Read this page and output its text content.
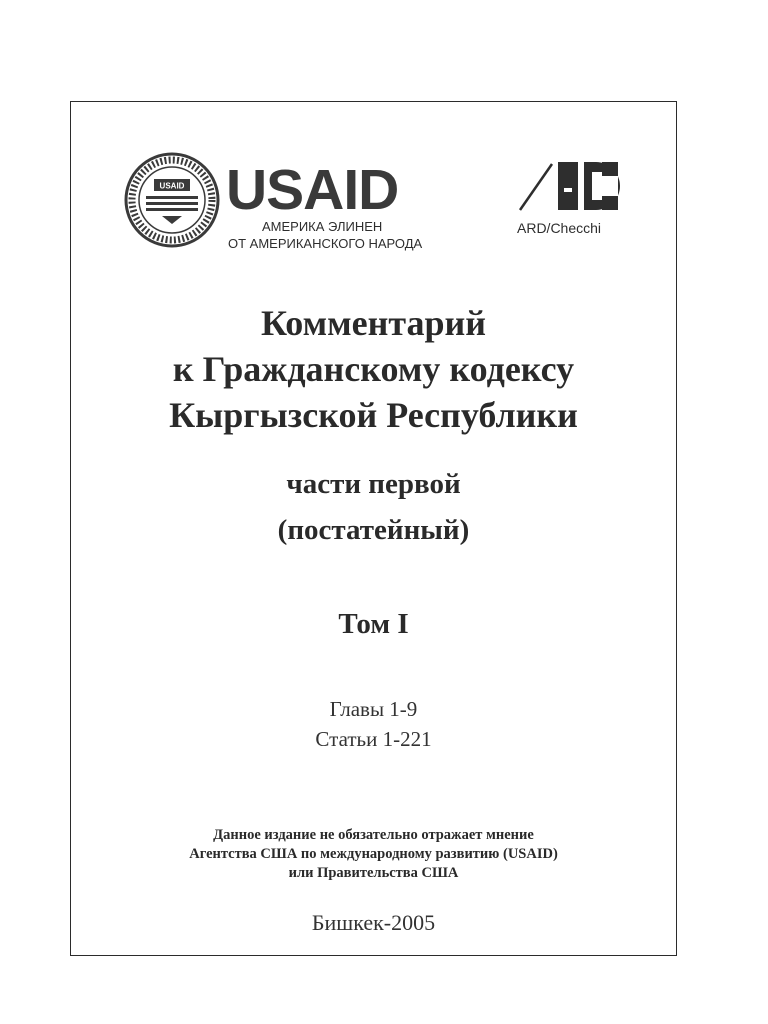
USAID USAID
АМЕРИКА ЭЛИНЕН
ОТ АМЕРИКАНСКОГО НАРОДА
ARD/Checchi
Комментарий
к Гражданскому кодексу
Кыргызской Республики
части первой
(постатейный)
Том I
Главы 1-9
Статьи 1-221
Данное издание не обязательно отражает мнение
Агентства США по международному развитию (USAID)
или Правительства США
Бишкек-2005
